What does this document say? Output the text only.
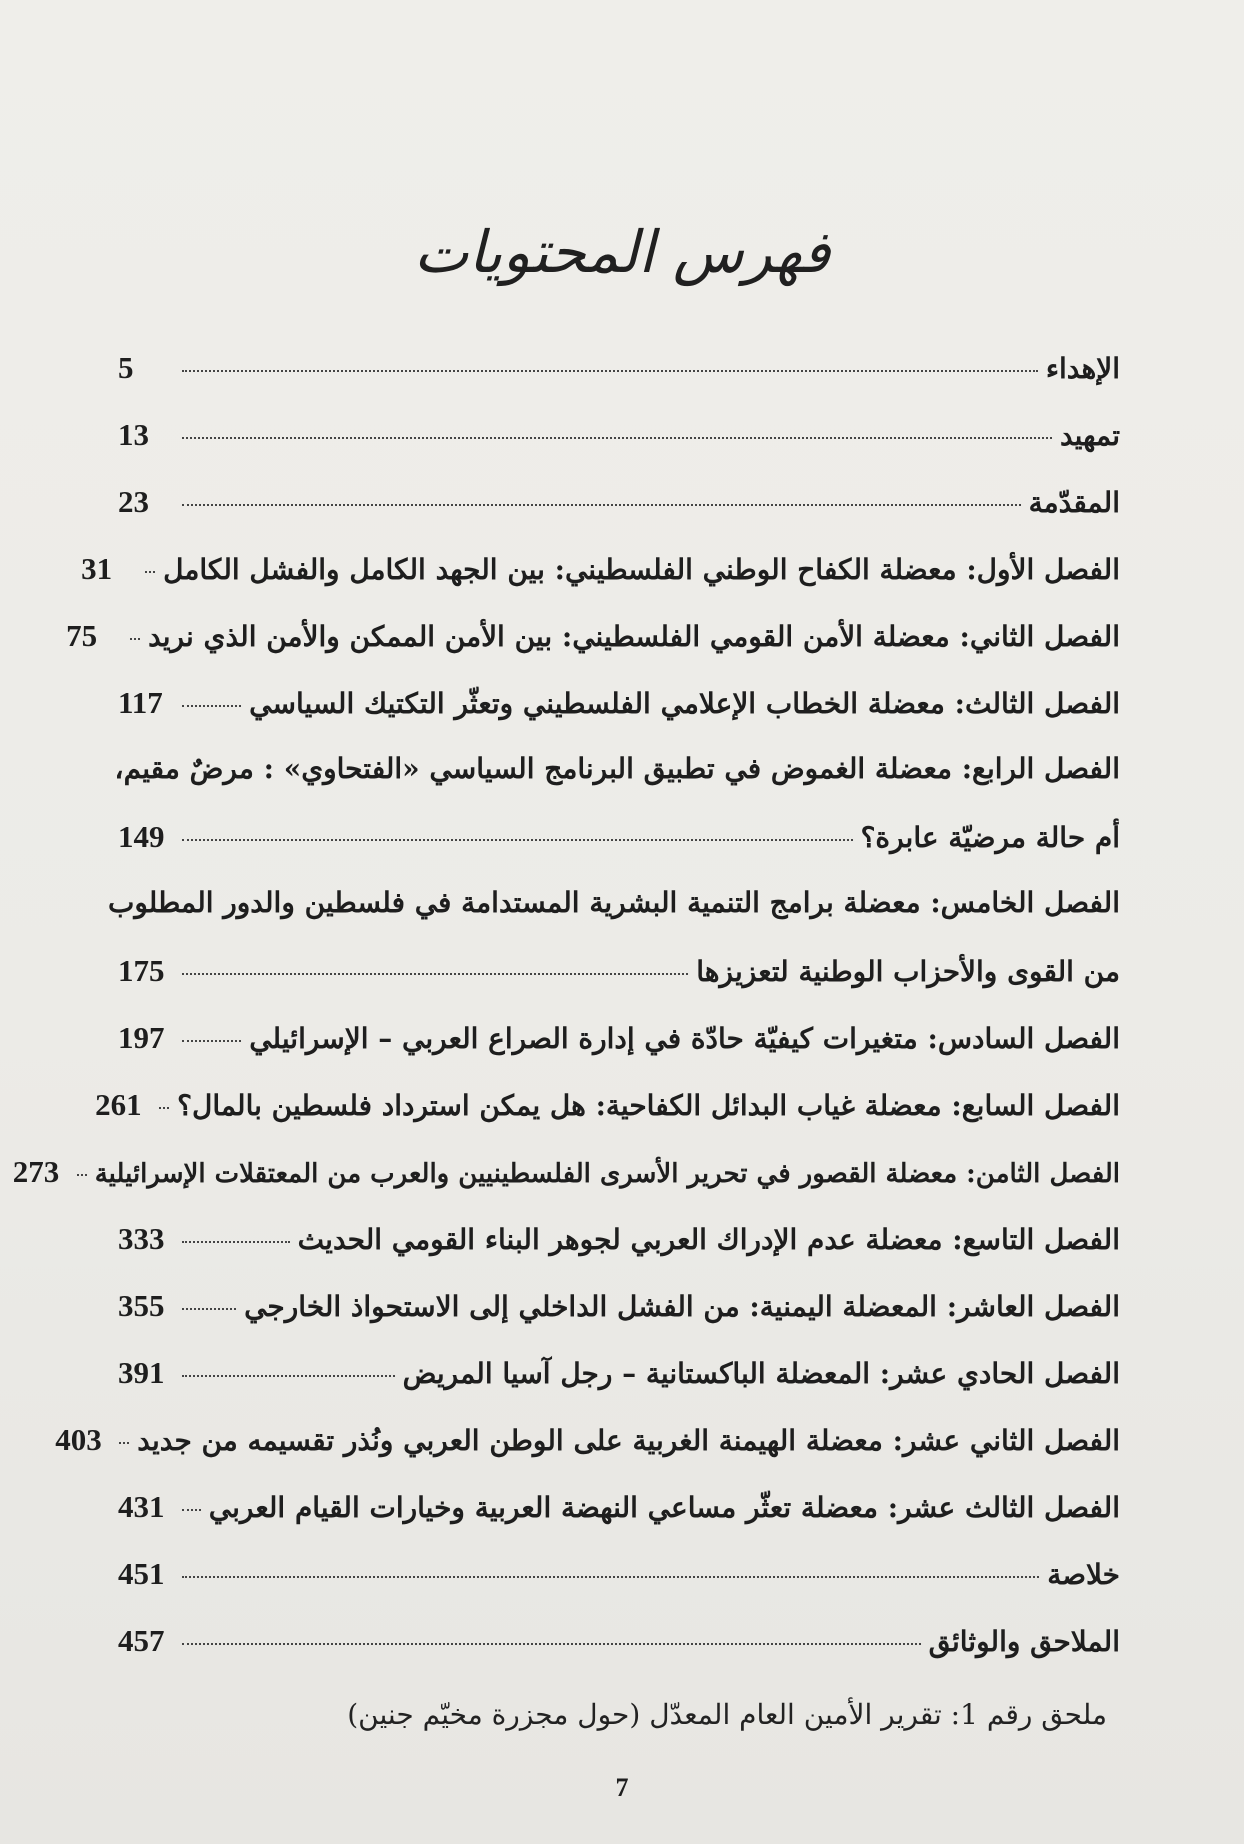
فهرس المحتويات
الإهداء
5
تمهيد
13
المقدّمة
23
الفصل الأول: معضلة الكفاح الوطني الفلسطيني: بين الجهد الكامل والفشل الكامل
31
الفصل الثاني: معضلة الأمن القومي الفلسطيني: بين الأمن الممكن والأمن الذي نريد
75
الفصل الثالث: معضلة الخطاب الإعلامي الفلسطيني وتعثّر التكتيك السياسي
117
الفصل الرابع: معضلة الغموض في تطبيق البرنامج السياسي «الفتحاوي» : مرضٌ مقيم،
أم حالة مرضيّة عابرة؟
149
الفصل الخامس: معضلة برامج التنمية البشرية المستدامة في فلسطين والدور المطلوب
من القوى والأحزاب الوطنية لتعزيزها
175
الفصل السادس: متغيرات كيفيّة حادّة في إدارة الصراع العربي – الإسرائيلي
197
الفصل السابع: معضلة غياب البدائل الكفاحية: هل يمكن استرداد فلسطين بالمال؟
261
الفصل الثامن: معضلة القصور في تحرير الأسرى الفلسطينيين والعرب من المعتقلات الإسرائيلية
273
الفصل التاسع: معضلة عدم الإدراك العربي لجوهر البناء القومي الحديث
333
الفصل العاشر: المعضلة اليمنية: من الفشل الداخلي إلى الاستحواذ الخارجي
355
الفصل الحادي عشر: المعضلة الباكستانية – رجل آسيا المريض
391
الفصل الثاني عشر: معضلة الهيمنة الغربية على الوطن العربي ونُذر تقسيمه من جديد
403
الفصل الثالث عشر: معضلة تعثّر مساعي النهضة العربية وخيارات القيام العربي
431
خلاصة
451
الملاحق والوثائق
457
ملحق رقم 1: تقرير الأمين العام المعدّل (حول مجزرة مخيّم جنين)
7
